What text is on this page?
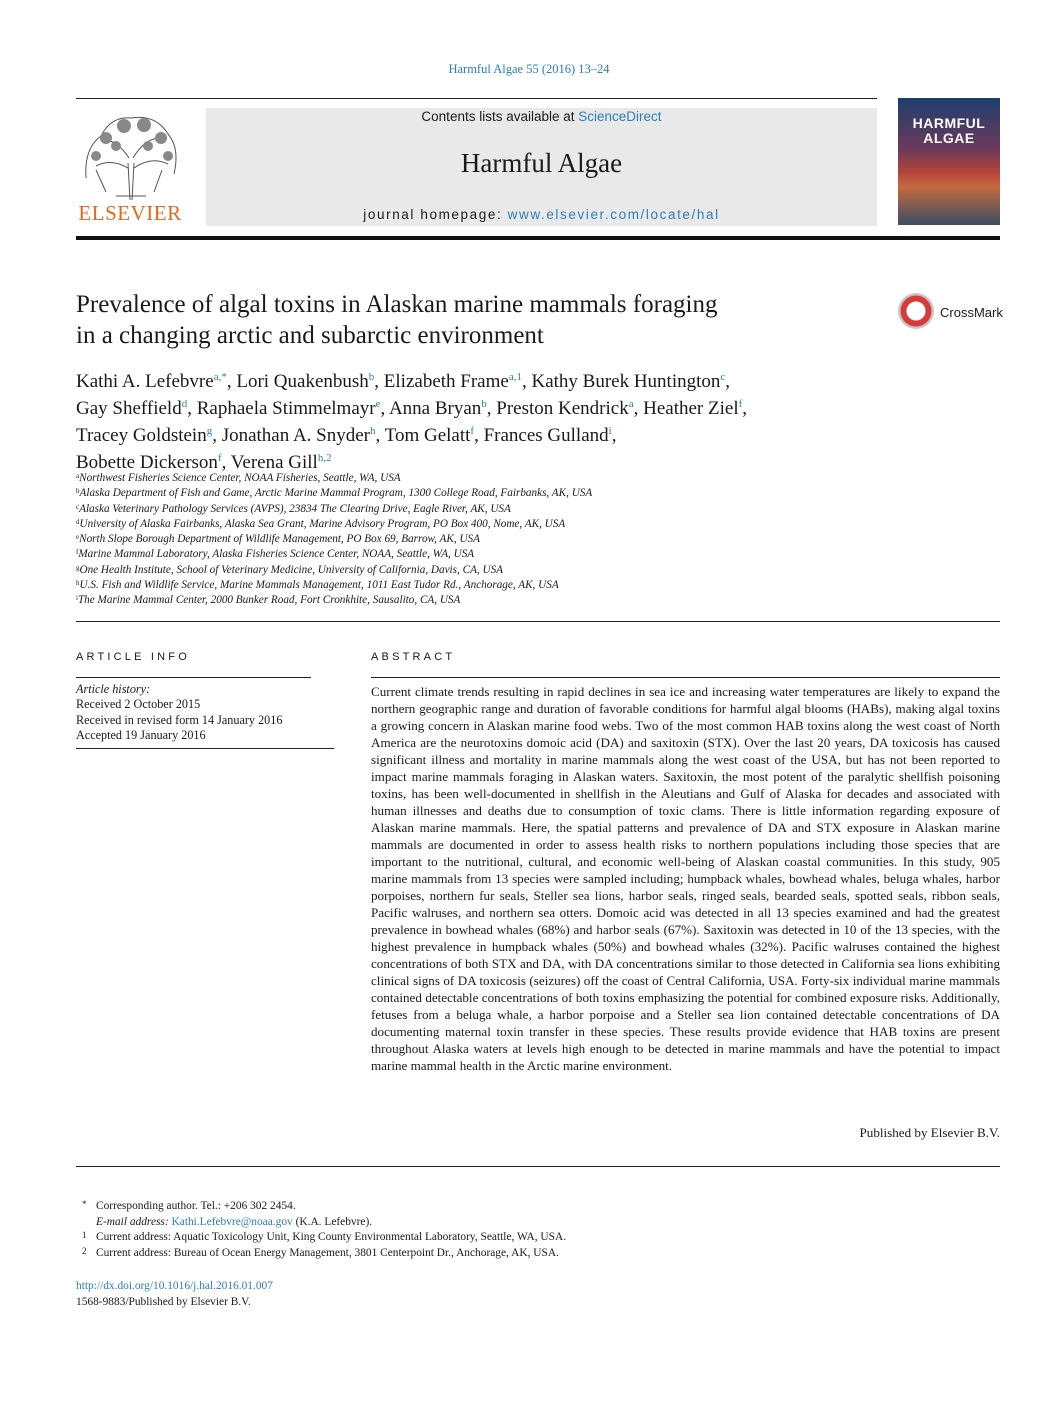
Harmful Algae 55 (2016) 13–24
ELSEVIER
Contents lists available at ScienceDirect
Harmful Algae
journal homepage: www.elsevier.com/locate/hal
HARMFUL
ALGAE
Prevalence of algal toxins in Alaskan marine mammals foraging
in a changing arctic and subarctic environment
CrossMark
Kathi A. Lefebvre$^{a,*}$, Lori Quakenbush$^b$, Elizabeth Frame$^{a,1}$, Kathy Burek Huntington$^c$,
Gay Sheffield$^d$, Raphaela Stimmelmayr$^e$, Anna Bryan$^b$, Preston Kendrick$^a$, Heather Ziel$^f$,
Tracey Goldstein$^g$, Jonathan A. Snyder$^h$, Tom Gelatt$^f$, Frances Gulland$^i$,
Bobette Dickerson$^f$, Verena Gill$^{h,2}$
$^a$Northwest Fisheries Science Center, NOAA Fisheries, Seattle, WA, USA
$^b$Alaska Department of Fish and Game, Arctic Marine Mammal Program, 1300 College Road, Fairbanks, AK, USA
$^c$Alaska Veterinary Pathology Services (AVPS), 23834 The Clearing Drive, Eagle River, AK, USA
$^d$University of Alaska Fairbanks, Alaska Sea Grant, Marine Advisory Program, PO Box 400, Nome, AK, USA
$^e$North Slope Borough Department of Wildlife Management, PO Box 69, Barrow, AK, USA
$^f$Marine Mammal Laboratory, Alaska Fisheries Science Center, NOAA, Seattle, WA, USA
$^g$One Health Institute, School of Veterinary Medicine, University of California, Davis, CA, USA
$^h$U.S. Fish and Wildlife Service, Marine Mammals Management, 1011 East Tudor Rd., Anchorage, AK, USA
$^i$The Marine Mammal Center, 2000 Bunker Road, Fort Cronkhite, Sausalito, CA, USA
ARTICLE INFO
Article history:
Received 2 October 2015
Received in revised form 14 January 2016
Accepted 19 January 2016
ABSTRACT
Current climate trends resulting in rapid declines in sea ice and increasing water temperatures are likely to expand the northern geographic range and duration of favorable conditions for harmful algal blooms (HABs), making algal toxins a growing concern in Alaskan marine food webs. Two of the most common HAB toxins along the west coast of North America are the neurotoxins domoic acid (DA) and saxitoxin (STX). Over the last 20 years, DA toxicosis has caused significant illness and mortality in marine mammals along the west coast of the USA, but has not been reported to impact marine mammals foraging in Alaskan waters. Saxitoxin, the most potent of the paralytic shellfish poisoning toxins, has been well-documented in shellfish in the Aleutians and Gulf of Alaska for decades and associated with human illnesses and deaths due to consumption of toxic clams. There is little information regarding exposure of Alaskan marine mammals. Here, the spatial patterns and prevalence of DA and STX exposure in Alaskan marine mammals are documented in order to assess health risks to northern populations including those species that are important to the nutritional, cultural, and economic well-being of Alaskan coastal communities. In this study, 905 marine mammals from 13 species were sampled including; humpback whales, bowhead whales, beluga whales, harbor porpoises, northern fur seals, Steller sea lions, harbor seals, ringed seals, bearded seals, spotted seals, ribbon seals, Pacific walruses, and northern sea otters. Domoic acid was detected in all 13 species examined and had the greatest prevalence in bowhead whales (68%) and harbor seals (67%). Saxitoxin was detected in 10 of the 13 species, with the highest prevalence in humpback whales (50%) and bowhead whales (32%). Pacific walruses contained the highest concentrations of both STX and DA, with DA concentrations similar to those detected in California sea lions exhibiting clinical signs of DA toxicosis (seizures) off the coast of Central California, USA. Forty-six individual marine mammals contained detectable concentrations of both toxins emphasizing the potential for combined exposure risks. Additionally, fetuses from a beluga whale, a harbor porpoise and a Steller sea lion contained detectable concentrations of DA documenting maternal toxin transfer in these species. These results provide evidence that HAB toxins are present throughout Alaska waters at levels high enough to be detected in marine mammals and have the potential to impact marine mammal health in the Arctic marine environment.
Published by Elsevier B.V.
* Corresponding author. Tel.: +206 302 2454.
E-mail address: Kathi.Lefebvre@noaa.gov (K.A. Lefebvre).
1 Current address: Aquatic Toxicology Unit, King County Environmental Laboratory, Seattle, WA, USA.
2 Current address: Bureau of Ocean Energy Management, 3801 Centerpoint Dr., Anchorage, AK, USA.
http://dx.doi.org/10.1016/j.hal.2016.01.007
1568-9883/Published by Elsevier B.V.
